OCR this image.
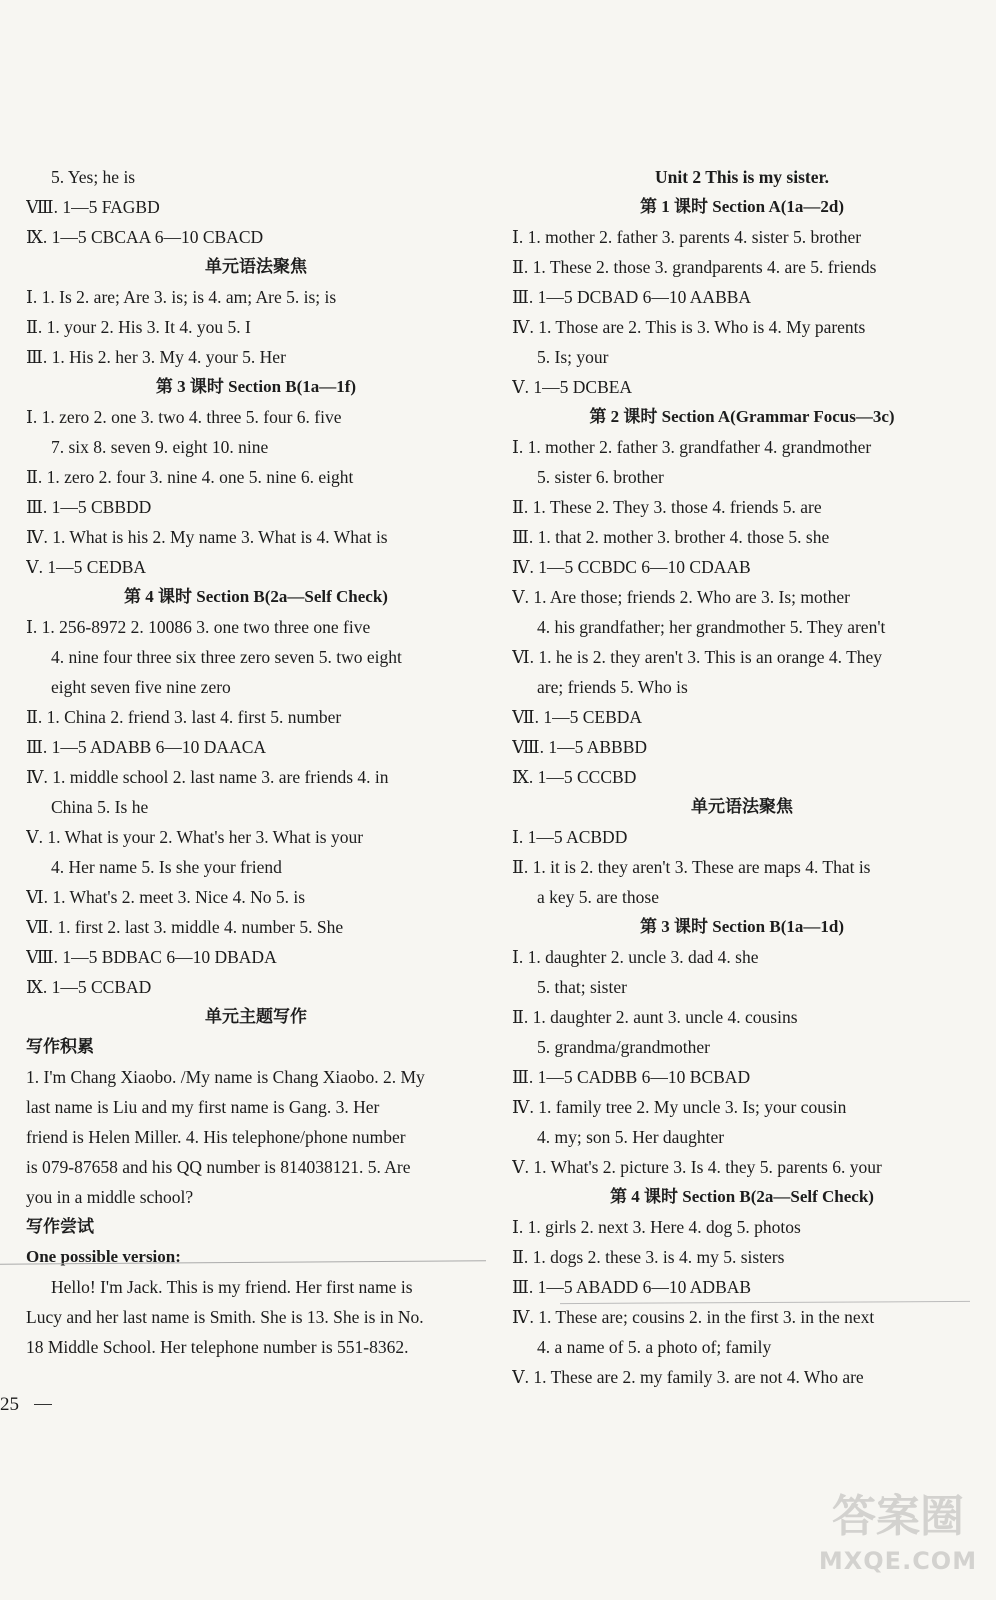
5. Yes; he is
Ⅷ. 1—5 FAGBD
Ⅸ. 1—5 CBCAA 6—10 CBACD
单元语法聚焦
Ⅰ. 1. Is 2. are; Are 3. is; is 4. am; Are 5. is; is
Ⅱ. 1. your 2. His 3. It 4. you 5. I
Ⅲ. 1. His 2. her 3. My 4. your 5. Her
第 3 课时 Section B(1a—1f)
Ⅰ. 1. zero 2. one 3. two 4. three 5. four 6. five
7. six 8. seven 9. eight 10. nine
Ⅱ. 1. zero 2. four 3. nine 4. one 5. nine 6. eight
Ⅲ. 1—5 CBBDD
Ⅳ. 1. What is his 2. My name 3. What is 4. What is
Ⅴ. 1—5 CEDBA
第 4 课时 Section B(2a—Self Check)
Ⅰ. 1. 256-8972 2. 10086 3. one two three one five
4. nine four three six three zero seven 5. two eight
eight seven five nine zero
Ⅱ. 1. China 2. friend 3. last 4. first 5. number
Ⅲ. 1—5 ADABB 6—10 DAACA
Ⅳ. 1. middle school 2. last name 3. are friends 4. in
China 5. Is he
Ⅴ. 1. What is your 2. What's her 3. What is your
4. Her name 5. Is she your friend
Ⅵ. 1. What's 2. meet 3. Nice 4. No 5. is
Ⅶ. 1. first 2. last 3. middle 4. number 5. She
Ⅷ. 1—5 BDBAC 6—10 DBADA
Ⅸ. 1—5 CCBAD
单元主题写作
写作积累
1. I'm Chang Xiaobo. /My name is Chang Xiaobo. 2. My
last name is Liu and my first name is Gang. 3. Her
friend is Helen Miller. 4. His telephone/phone number
is 079-87658 and his QQ number is 814038121. 5. Are
you in a middle school?
写作尝试
One possible version:
Hello! I'm Jack. This is my friend. Her first name is
Lucy and her last name is Smith. She is 13. She is in No.
18 Middle School. Her telephone number is 551-8362.
Unit 2 This is my sister.
第 1 课时 Section A(1a—2d)
Ⅰ. 1. mother 2. father 3. parents 4. sister 5. brother
Ⅱ. 1. These 2. those 3. grandparents 4. are 5. friends
Ⅲ. 1—5 DCBAD 6—10 AABBA
Ⅳ. 1. Those are 2. This is 3. Who is 4. My parents
5. Is; your
Ⅴ. 1—5 DCBEA
第 2 课时 Section A(Grammar Focus—3c)
Ⅰ. 1. mother 2. father 3. grandfather 4. grandmother
5. sister 6. brother
Ⅱ. 1. These 2. They 3. those 4. friends 5. are
Ⅲ. 1. that 2. mother 3. brother 4. those 5. she
Ⅳ. 1—5 CCBDC 6—10 CDAAB
Ⅴ. 1. Are those; friends 2. Who are 3. Is; mother
4. his grandfather; her grandmother 5. They aren't
Ⅵ. 1. he is 2. they aren't 3. This is an orange 4. They
are; friends 5. Who is
Ⅶ. 1—5 CEBDA
Ⅷ. 1—5 ABBBD
Ⅸ. 1—5 CCCBD
单元语法聚焦
Ⅰ. 1—5 ACBDD
Ⅱ. 1. it is 2. they aren't 3. These are maps 4. That is
a key 5. are those
第 3 课时 Section B(1a—1d)
Ⅰ. 1. daughter 2. uncle 3. dad 4. she
5. that; sister
Ⅱ. 1. daughter 2. aunt 3. uncle 4. cousins
5. grandma/grandmother
Ⅲ. 1—5 CADBB 6—10 BCBAD
Ⅳ. 1. family tree 2. My uncle 3. Is; your cousin
4. my; son 5. Her daughter
Ⅴ. 1. What's 2. picture 3. Is 4. they 5. parents 6. your
第 4 课时 Section B(2a—Self Check)
Ⅰ. 1. girls 2. next 3. Here 4. dog 5. photos
Ⅱ. 1. dogs 2. these 3. is 4. my 5. sisters
Ⅲ. 1—5 ABADD 6—10 ADBAB
Ⅳ. 1. These are; cousins 2. in the first 3. in the next
4. a name of 5. a photo of; family
Ⅴ. 1. These are 2. my family 3. are not 4. Who are
25
答案圈
MXQE.COM
